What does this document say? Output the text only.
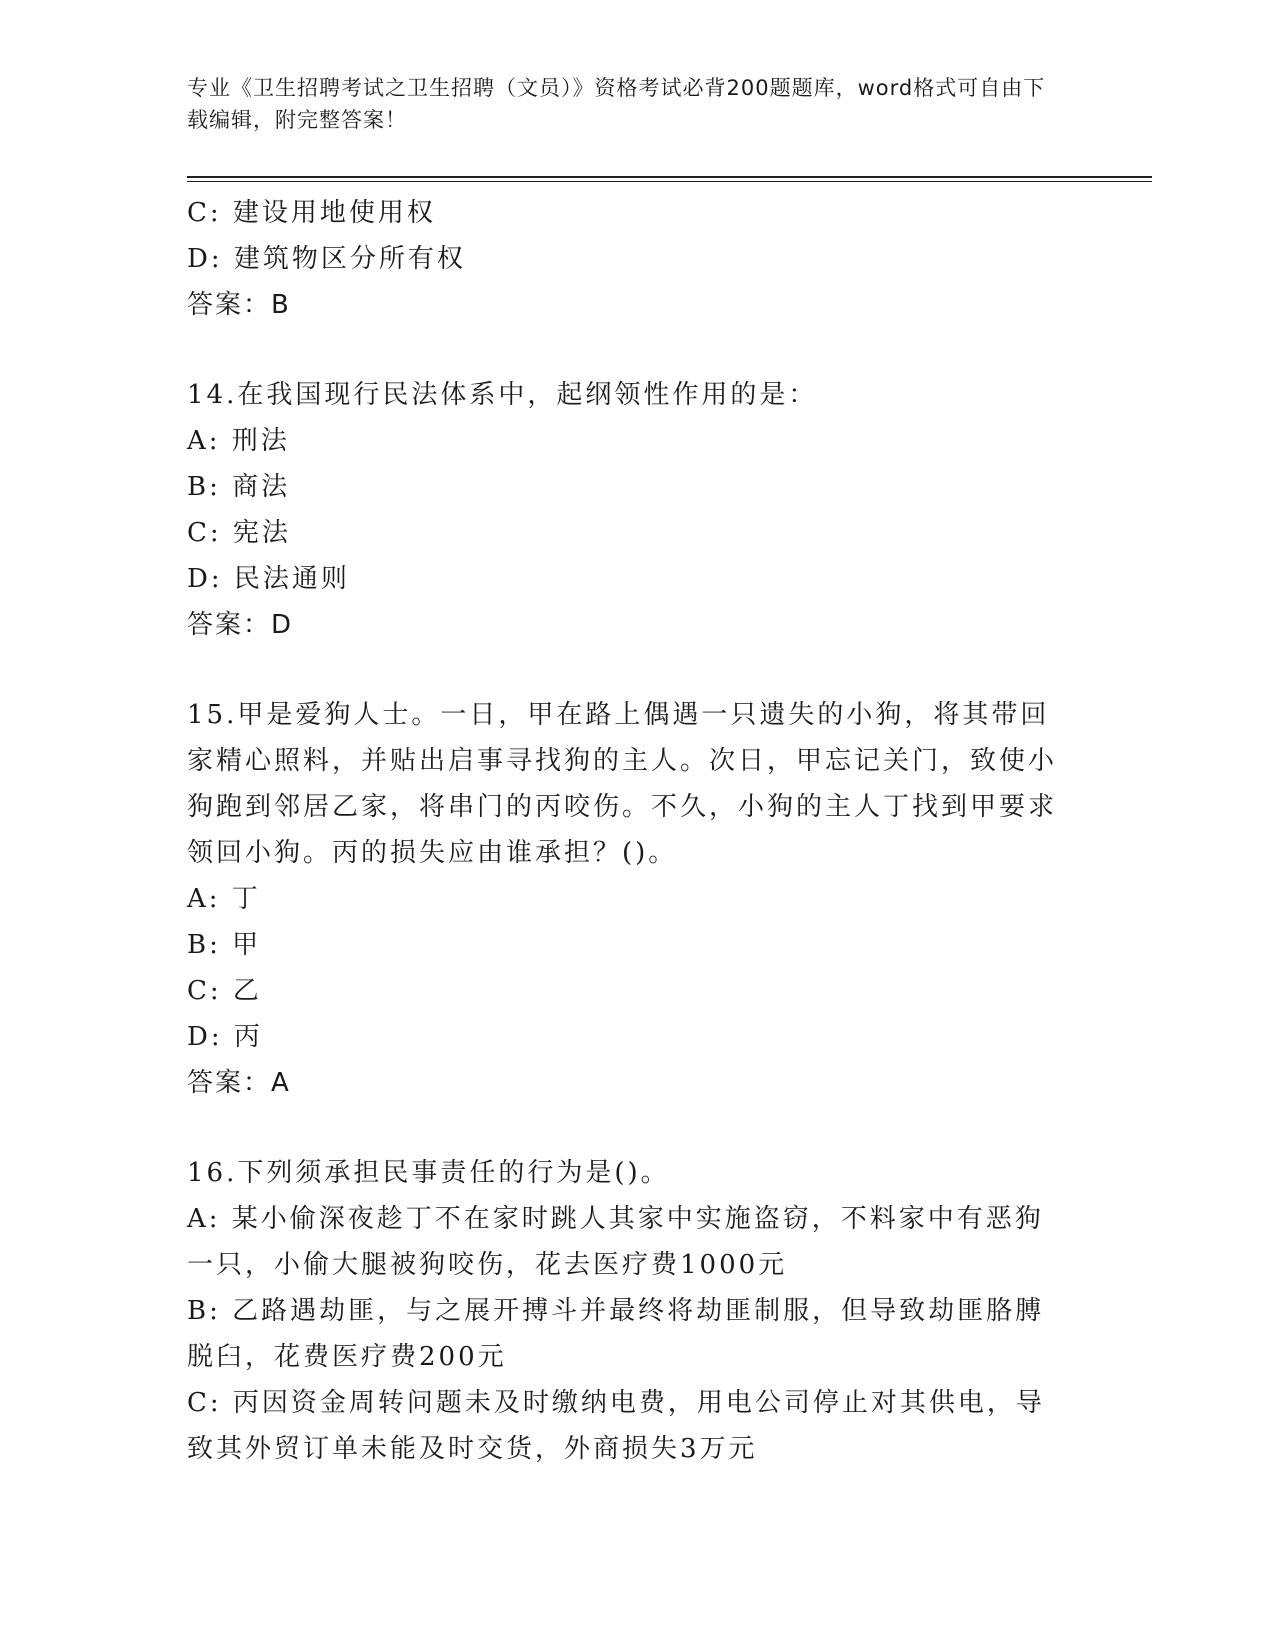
专业《卫生招聘考试之卫生招聘（文员）》资格考试必背200题题库，word格式可自由下载编辑，附完整答案！

C: 建设用地使用权

D: 建筑物区分所有权

答案：B

14.在我国现行民法体系中，起纲领性作用的是：

A: 刑法

B: 商法

C: 宪法

D: 民法通则

答案：D

15.甲是爱狗人士。一日，甲在路上偶遇一只遗失的小狗，将其带回家精心照料，并贴出启事寻找狗的主人。次日，甲忘记关门，致使小狗跑到邻居乙家，将串门的丙咬伤。不久，小狗的主人丁找到甲要求领回小狗。丙的损失应由谁承担？()。

A: 丁

B: 甲

C: 乙

D: 丙

答案：A

16.下列须承担民事责任的行为是()。

A: 某小偷深夜趁丁不在家时跳人其家中实施盗窃，不料家中有恶狗一只，小偷大腿被狗咬伤，花去医疗费1000元

B: 乙路遇劫匪，与之展开搏斗并最终将劫匪制服，但导致劫匪胳膊脱臼，花费医疗费200元

C: 丙因资金周转问题未及时缴纳电费，用电公司停止对其供电，导致其外贸订单未能及时交货，外商损失3万元
